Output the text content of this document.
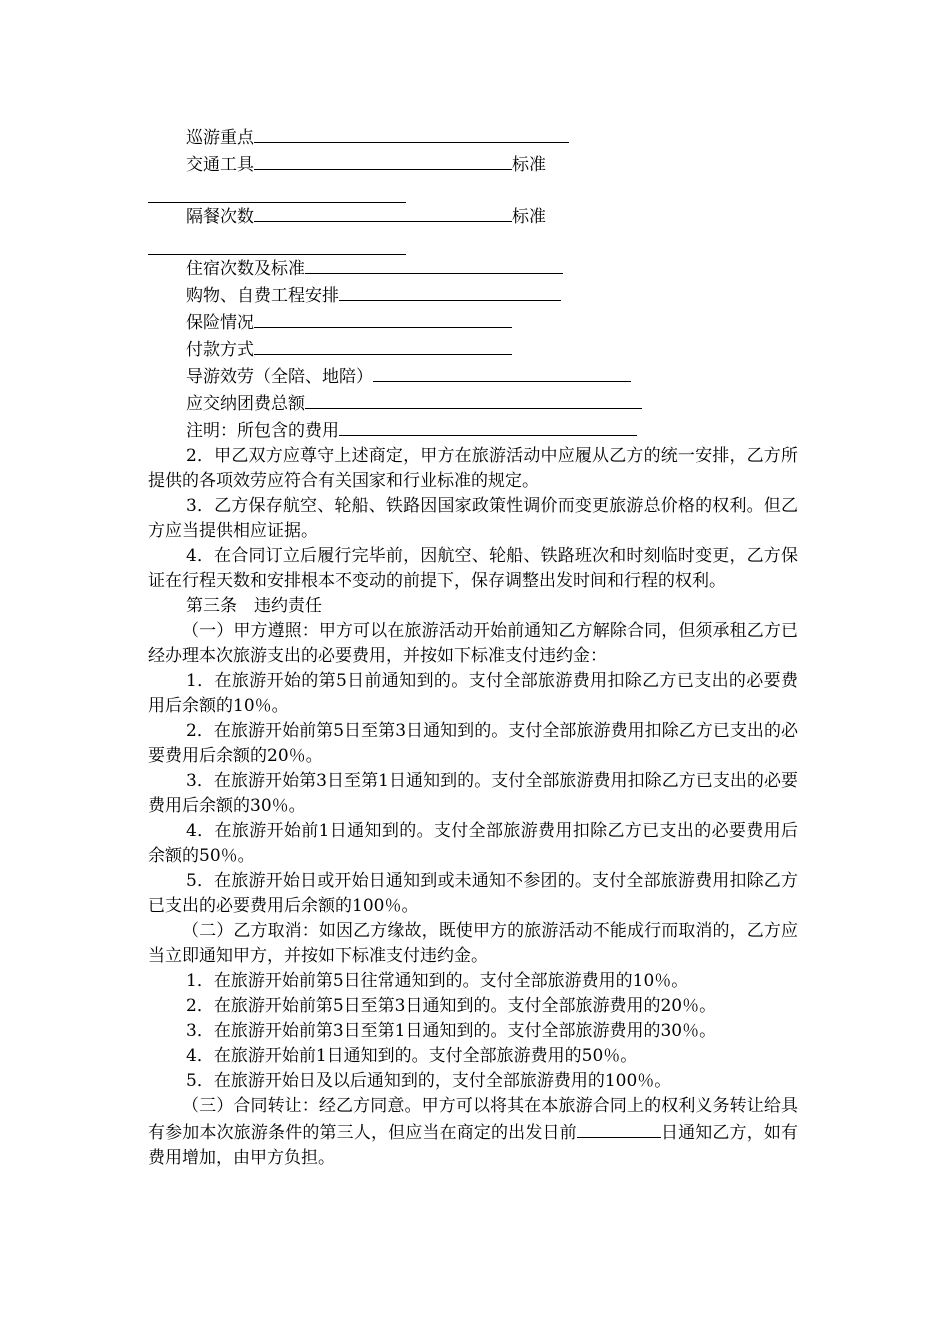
巡游重点

交通工具	标准

隔餐次数	标准

住宿次数及标准

购物、自费工程安排

保险情况

付款方式

导游效劳（全陪、地陪）

应交纳团费总额

注明：所包含的费用

2．甲乙双方应尊守上述商定，甲方在旅游活动中应履从乙方的统一安排，乙方所提供的各项效劳应符合有关国家和行业标准的规定。

3．乙方保存航空、轮船、铁路因国家政策性调价而变更旅游总价格的权利。但乙方应当提供相应证据。

4．在合同订立后履行完毕前，因航空、轮船、铁路班次和时刻临时变更，乙方保证在行程天数和安排根本不变动的前提下，保存调整出发时间和行程的权利。

第三条　违约责任

（一）甲方遵照：甲方可以在旅游活动开始前通知乙方解除合同，但须承租乙方已经办理本次旅游支出的必要费用，并按如下标准支付违约金：

1．在旅游开始的第5日前通知到的。支付全部旅游费用扣除乙方已支出的必要费用后余额的10％。

2．在旅游开始前第5日至第3日通知到的。支付全部旅游费用扣除乙方已支出的必要费用后余额的20％。

3．在旅游开始第3日至第1日通知到的。支付全部旅游费用扣除乙方已支出的必要费用后余额的30％。

4．在旅游开始前1日通知到的。支付全部旅游费用扣除乙方已支出的必要费用后余额的50％。

5．在旅游开始日或开始日通知到或未通知不参团的。支付全部旅游费用扣除乙方已支出的必要费用后余额的100％。

（二）乙方取消：如因乙方缘故，既使甲方的旅游活动不能成行而取消的，乙方应当立即通知甲方，并按如下标准支付违约金。

1．在旅游开始前第5日往常通知到的。支付全部旅游费用的10％。

2．在旅游开始前第5日至第3日通知到的。支付全部旅游费用的20％。

3．在旅游开始前第3日至第1日通知到的。支付全部旅游费用的30％。

4．在旅游开始前1日通知到的。支付全部旅游费用的50％。

5．在旅游开始日及以后通知到的，支付全部旅游费用的100％。

（三）合同转让：经乙方同意。甲方可以将其在本旅游合同上的权利义务转让给具有参加本次旅游条件的第三人，但应当在商定的出发日前	日通知乙方，如有费用增加，由甲方负担。
